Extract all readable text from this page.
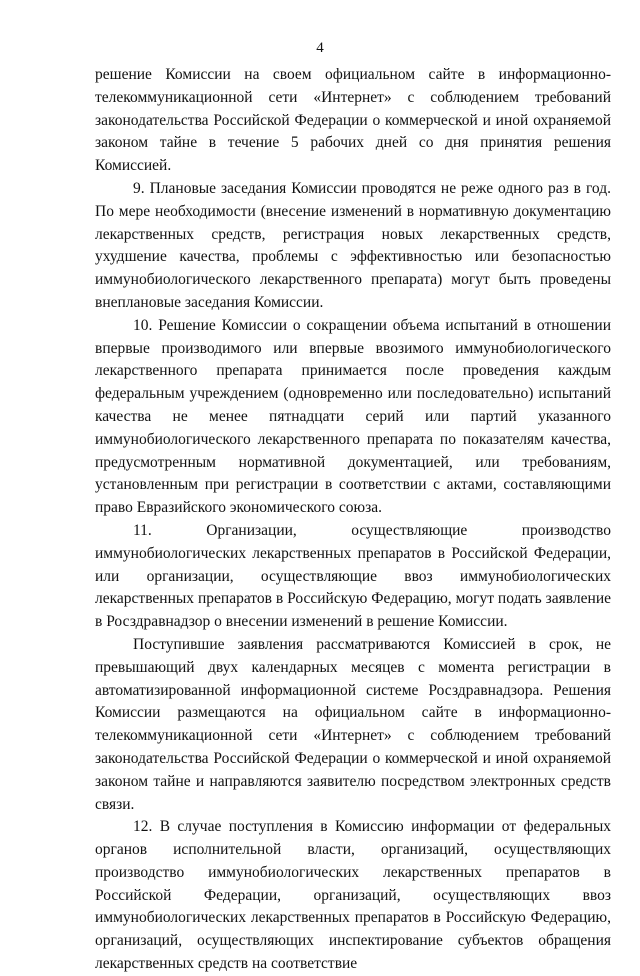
4

решение Комиссии на своем официальном сайте в информационно-телекоммуникационной сети «Интернет» с соблюдением требований законодательства Российской Федерации о коммерческой и иной охраняемой законом тайне в течение 5 рабочих дней со дня принятия решения Комиссией.

9. Плановые заседания Комиссии проводятся не реже одного раз в год. По мере необходимости (внесение изменений в нормативную документацию лекарственных средств, регистрация новых лекарственных средств, ухудшение качества, проблемы с эффективностью или безопасностью иммунобиологического лекарственного препарата) могут быть проведены внеплановые заседания Комиссии.

10. Решение Комиссии о сокращении объема испытаний в отношении впервые производимого или впервые ввозимого иммунобиологического лекарственного препарата принимается после проведения каждым федеральным учреждением (одновременно или последовательно) испытаний качества не менее пятнадцати серий или партий указанного иммунобиологического лекарственного препарата по показателям качества, предусмотренным нормативной документацией, или требованиям, установленным при регистрации в соответствии с актами, составляющими право Евразийского экономического союза.

11. Организации, осуществляющие производство иммунобиологических лекарственных препаратов в Российской Федерации, или организации, осуществляющие ввоз иммунобиологических лекарственных препаратов в Российскую Федерацию, могут подать заявление в Росздравнадзор о внесении изменений в решение Комиссии.

Поступившие заявления рассматриваются Комиссией в срок, не превышающий двух календарных месяцев с момента регистрации в автоматизированной информационной системе Росздравнадзора. Решения Комиссии размещаются на официальном сайте в информационно-телекоммуникационной сети «Интернет» с соблюдением требований законодательства Российской Федерации о коммерческой и иной охраняемой законом тайне и направляются заявителю посредством электронных средств связи.

12. В случае поступления в Комиссию информации от федеральных органов исполнительной власти, организаций, осуществляющих производство иммунобиологических лекарственных препаратов в Российской Федерации, организаций, осуществляющих ввоз иммунобиологических лекарственных препаратов в Российскую Федерацию, организаций, осуществляющих инспектирование субъектов обращения лекарственных средств на соответствие
